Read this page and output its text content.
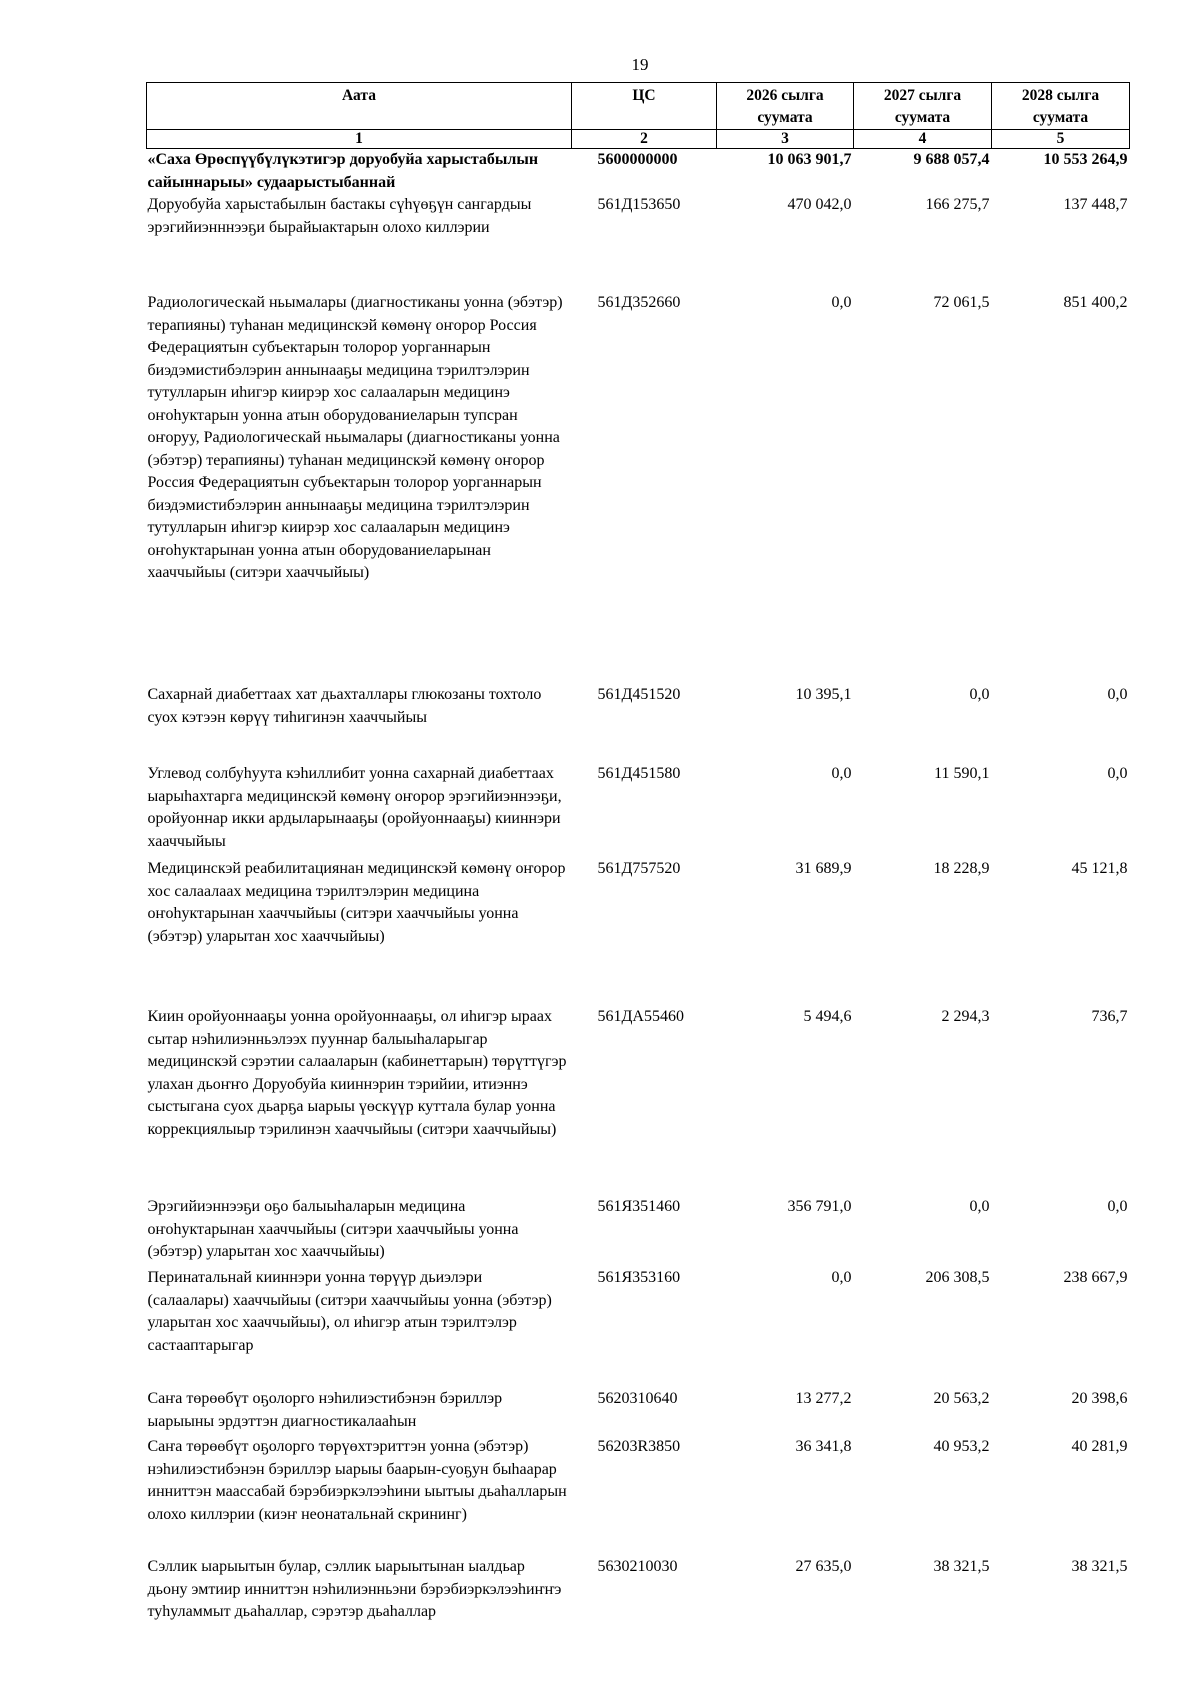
19
Аата	ЦС	2026 сылга суумата	2027 сылга суумата	2028 сылга суумата
1	2	3	4	5
«Саха Өрөспүүбүлүкэтигэр доруобуйа харыстабылын сайыннарыы» судаарыстыбаннай	5600000000	10 063 901,7	9 688 057,4	10 553 264,9
Доруобуйа харыстабылын бастакы сүһүөҕүн сангардыы эрэгийиэнннээҕи бырайыактарын олохо киллэрии	561Д153650	470 042,0	166 275,7	137 448,7
Радиологическай ньымалары (диагностиканы уонна (эбэтэр) терапияны) туһанан медицинскэй көмөнү оҥорор Россия Федерациятын субъектарын толорор уорганнарын биэдэмистибэлэрин аннынааҕы медицина тэрилтэлэрин тутулларын иһигэр киирэр хос салааларын медицинэ оҥоһуктарын уонна атын оборудованиеларын тупсран оҥоруу, Радиологическай ньымалары (диагностиканы уонна (эбэтэр) терапияны) туһанан медицинскэй көмөнү оҥорор Россия Федерациятын субъектарын толорор уорганнарын биэдэмистибэлэрин аннынааҕы медицина тэрилтэлэрин тутулларын иһигэр киирэр хос салааларын медицинэ оҥоһуктарынан уонна атын оборудованиеларынан хааччыйыы (ситэри хааччыйыы)	561Д352660	0,0	72 061,5	851 400,2
Сахарнай диабеттаах хат дьахталлары глюкозаны тохтоло суох кэтээн көрүү тиһигинэн хааччыйыы	561Д451520	10 395,1	0,0	0,0
Углевод солбуһуута кэһиллибит уонна сахарнай диабеттаах ыарыһахтарга медицинскэй көмөнү оҥорор эрэгийиэннээҕи, оройуоннар икки ардыларынааҕы (оройуоннааҕы) кииннэри хааччыйыы	561Д451580	0,0	11 590,1	0,0
Медицинскэй реабилитациянан медицинскэй көмөнү оҥорор хос салаалаах медицина тэрилтэлэрин медицина оҥоһуктарынан хааччыйыы (ситэри хааччыйыы уонна (эбэтэр) уларытан хос хааччыйыы)	561Д757520	31 689,9	18 228,9	45 121,8
Киин оройуоннааҕы уонна оройуоннааҕы, ол иһигэр ыраах сытар нэһилиэнньэлээх пууннар балыыһаларыгар медицинскэй сэрэтии салааларын (кабинеттарын) төрүттүгэр улахан дьоҥҥо Доруобуйа кииннэрин тэрийии, итиэннэ сыстыгана суох дьарҕа ыарыы үөскүүр куттала булар уонна коррекциялыыр тэрилинэн хааччыйыы (ситэри хааччыйыы)	561ДА55460	5 494,6	2 294,3	736,7
Эрэгийиэннээҕи оҕо балыыһаларын медицина оҥоһуктарынан хааччыйыы (ситэри хааччыйыы уонна (эбэтэр) уларытан хос хааччыйыы)	561Я351460	356 791,0	0,0	0,0
Перинатальнай кииннэри уонна төрүүр дьиэлэри (салаалары) хааччыйыы (ситэри хааччыйыы уонна (эбэтэр) уларытан хос хааччыйыы), ол иһигэр атын тэрилтэлэр састааптарыгар	561Я353160	0,0	206 308,5	238 667,9
Саҥа төрөөбүт оҕолорго нэһилиэстибэнэн бэриллэр ыарыыны эрдэттэн диагностикалааһын	5620310640	13 277,2	20 563,2	20 398,6
Саҥа төрөөбүт оҕолорго төрүөхтэриттэн уонна (эбэтэр) нэһилиэстибэнэн бэриллэр ыарыы баарын-суоҕун быһаарар инниттэн маассабай бэрэбиэркэлээһини ыытыы дьаһалларын олохо киллэрии (киэҥ неонатальнай скрининг)	56203R3850	36 341,8	40 953,2	40 281,9
Сэллик ыарыытын булар, сэллик ыарыытынан ыалдьар дьону эмтиир инниттэн нэһилиэнньэни бэрэбиэркэлээһиҥҥэ туһуламмыт дьаһаллар, сэрэтэр дьаһаллар	5630210030	27 635,0	38 321,5	38 321,5
